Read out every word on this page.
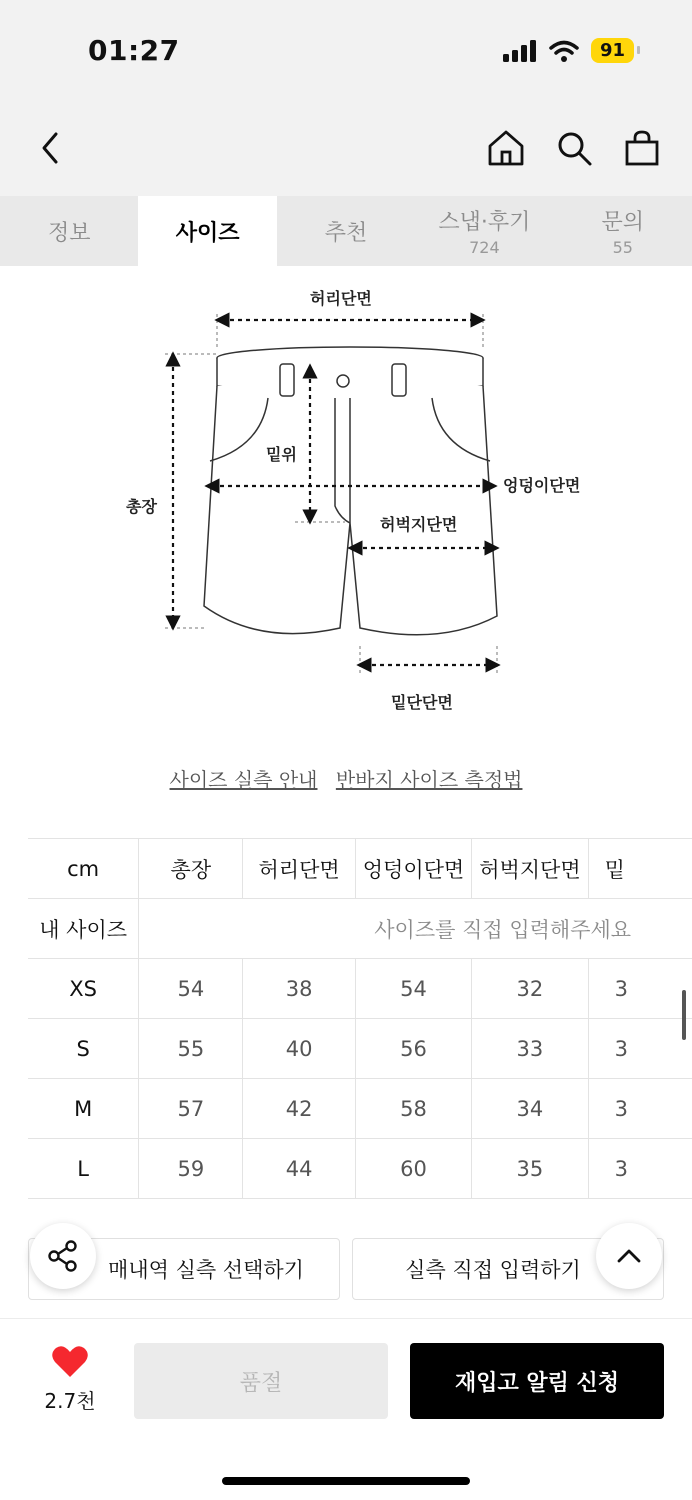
01:27	91
정보	사이즈	추천	스냅·후기
724
문의
55
허리단면
밑위
총장
엉덩이단면
허벅지단면
밑단단면
사이즈 실측 안내 반바지 사이즈 측정법
cm	총장	허리단면	엉덩이단면	허벅지단면	밑
내 사이즈	사이즈를 직접 입력해주세요				
XS	54	38	54	32	3
S	55	40	56	33	3
M	57	42	58	34	3
L	59	44	60	35	3
매내역 실측 선택하기	실측 직접 입력하기
2.7천
품절	재입고 알림 신청
